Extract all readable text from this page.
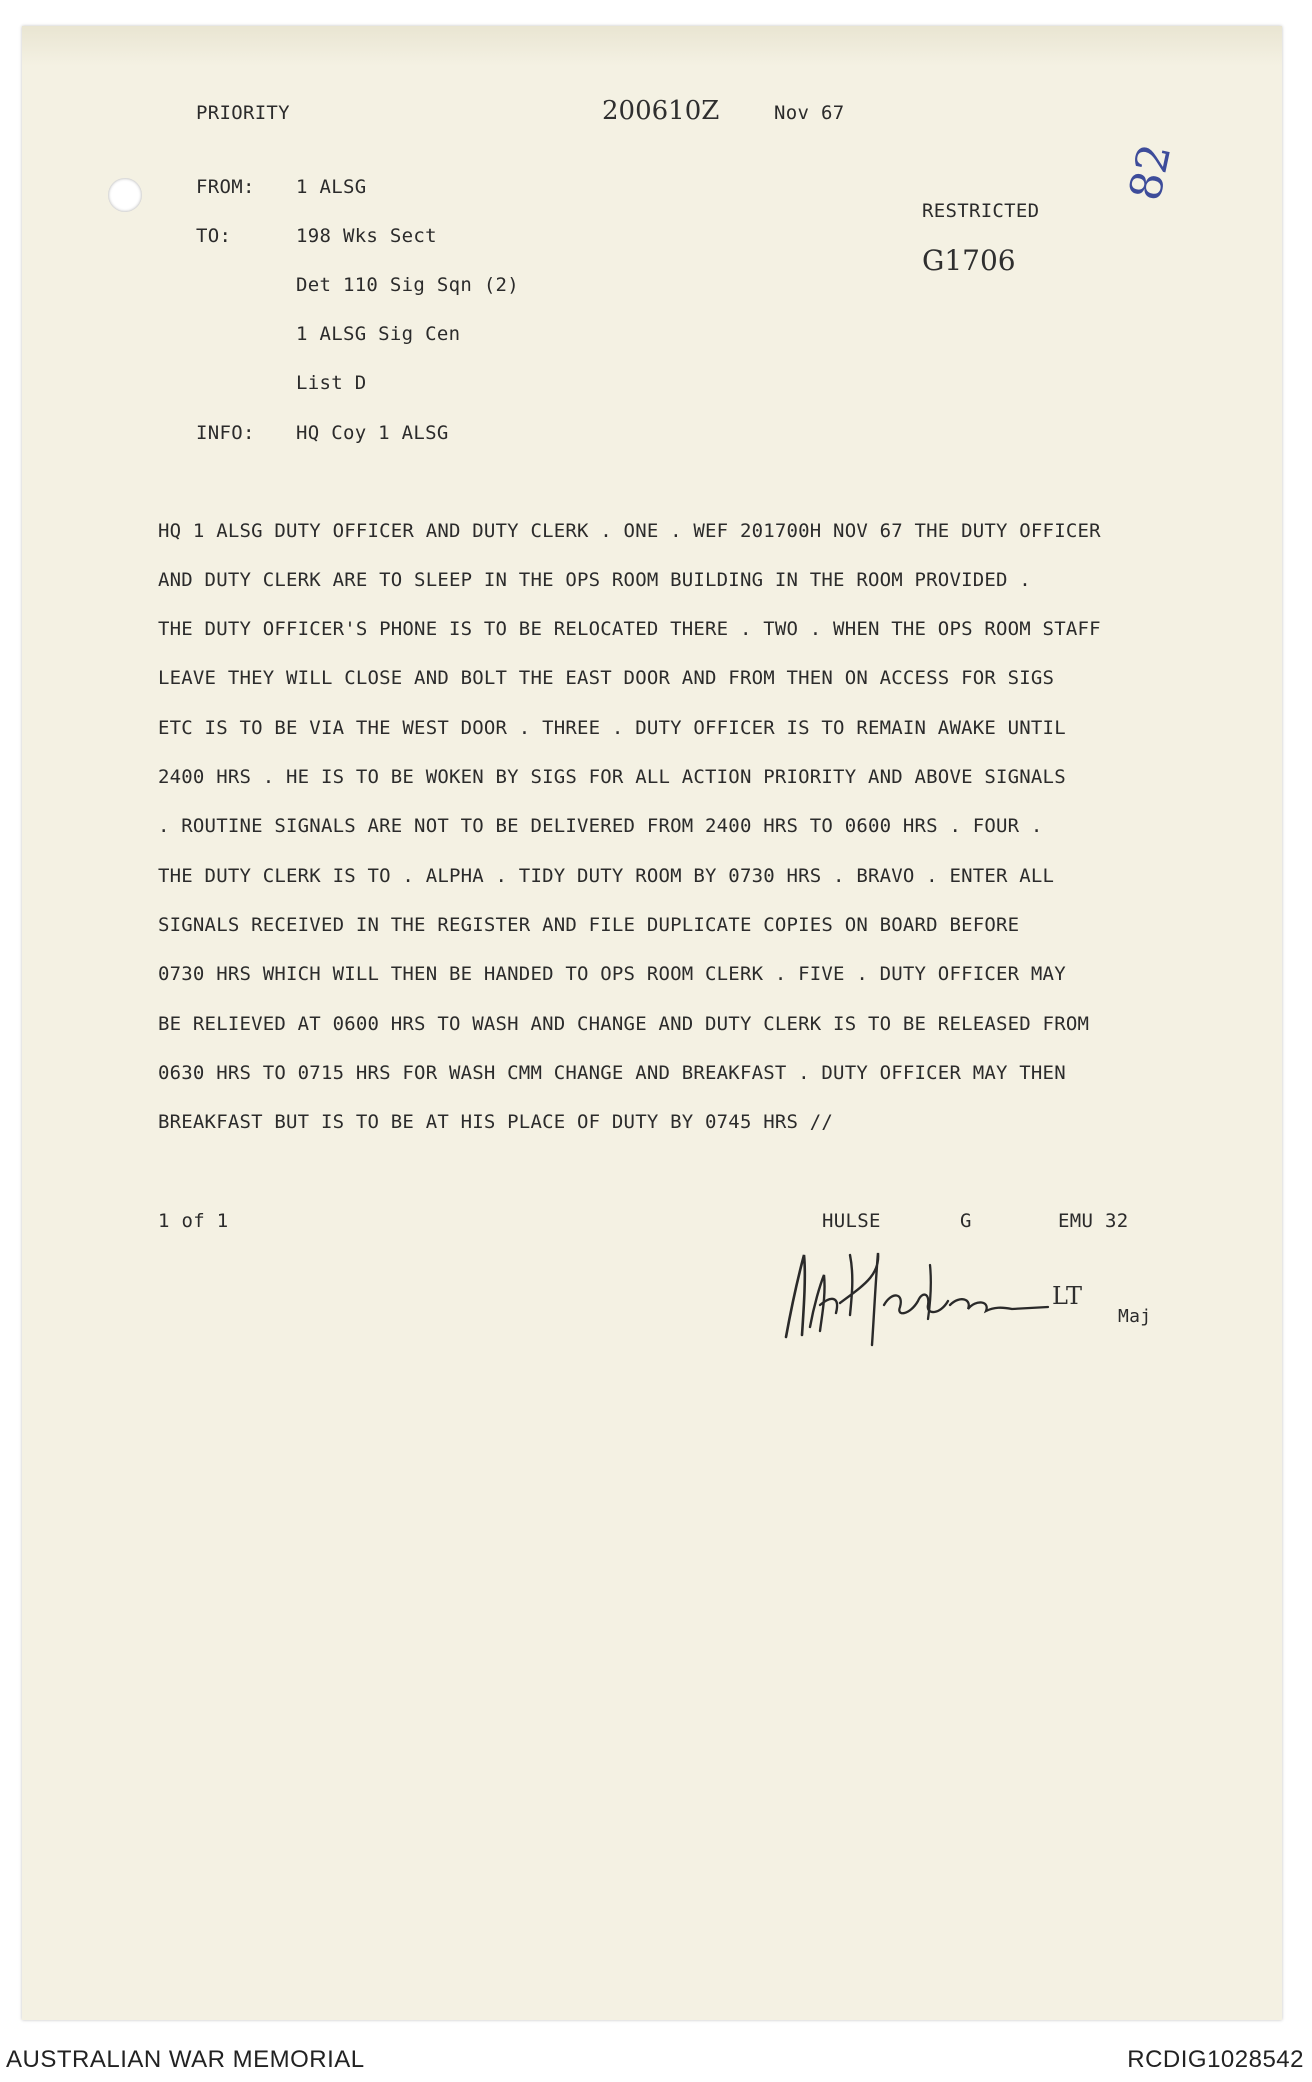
PRIORITY	200610Z	Nov 67
RESTRICTED
G1706
82
FROM: 1 ALSG
TO:	198 Wks Sect
Det 110 Sig Sqn (2)
1 ALSG Sig Cen
List D
INFO: HQ Coy 1 ALSG
HQ 1 ALSG DUTY OFFICER AND DUTY CLERK . ONE . WEF 201700H NOV 67 THE DUTY OFFICER
AND DUTY CLERK ARE TO SLEEP IN THE OPS ROOM BUILDING IN THE ROOM PROVIDED .
THE DUTY OFFICER'S PHONE IS TO BE RELOCATED THERE . TWO . WHEN THE OPS ROOM STAFF
LEAVE THEY WILL CLOSE AND BOLT THE EAST DOOR AND FROM THEN ON ACCESS FOR SIGS
ETC IS TO BE VIA THE WEST DOOR . THREE . DUTY OFFICER IS TO REMAIN AWAKE UNTIL
2400 HRS . HE IS TO BE WOKEN BY SIGS FOR ALL ACTION PRIORITY AND ABOVE SIGNALS
. ROUTINE SIGNALS ARE NOT TO BE DELIVERED FROM 2400 HRS TO 0600 HRS . FOUR .
THE DUTY CLERK IS TO . ALPHA . TIDY DUTY ROOM BY 0730 HRS . BRAVO . ENTER ALL
SIGNALS RECEIVED IN THE REGISTER AND FILE DUPLICATE COPIES ON BOARD BEFORE
0730 HRS WHICH WILL THEN BE HANDED TO OPS ROOM CLERK . FIVE . DUTY OFFICER MAY
BE RELIEVED AT 0600 HRS TO WASH AND CHANGE AND DUTY CLERK IS TO BE RELEASED FROM
0630 HRS TO 0715 HRS FOR WASH CMM CHANGE AND BREAKFAST . DUTY OFFICER MAY THEN
BREAKFAST BUT IS TO BE AT HIS PLACE OF DUTY BY 0745 HRS //
1 of 1	HULSE	G	EMU 32
LT
Maj
AUSTRALIAN WAR MEMORIAL	RCDIG1028542
